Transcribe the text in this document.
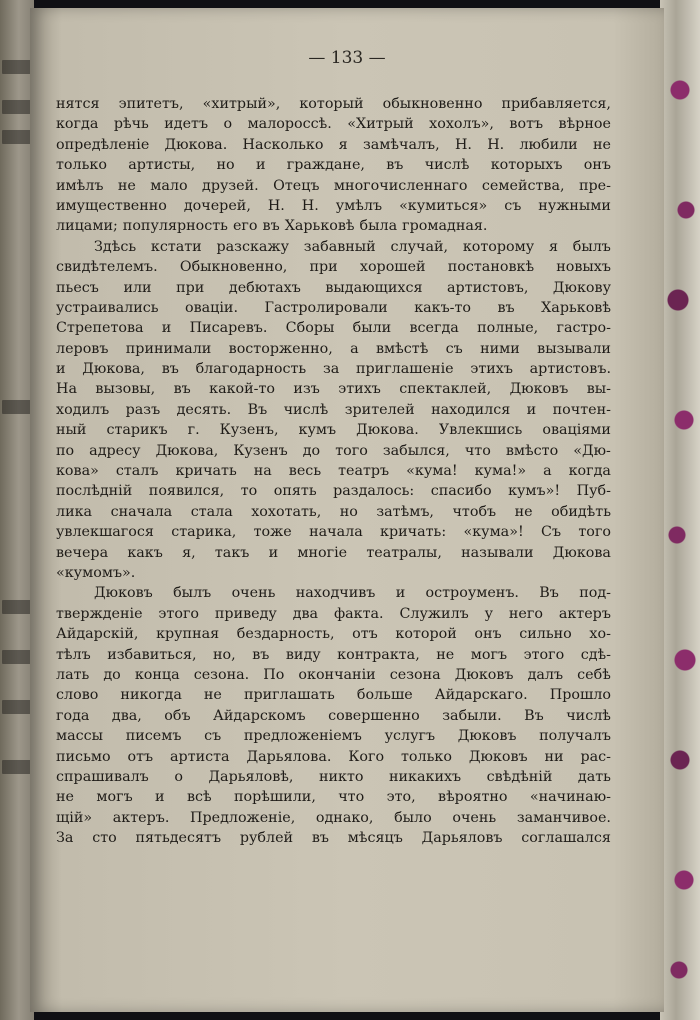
— 133 —
нятся эпитетъ, «хитрый», который обыкновенно прибавляется,
когда рѣчь идетъ о малороссѣ. «Хитрый хохолъ», вотъ вѣрное
опредѣленіе Дюкова. Насколько я замѣчалъ, Н. Н. любили не
только артисты, но и граждане, въ числѣ которыхъ онъ
имѣлъ не мало друзей. Отецъ многочисленнаго семейства, пре-
имущественно дочерей, Н. Н. умѣлъ «кумиться» съ нужными
лицами; популярность его въ Харьковѣ была громадная.
Здѣсь кстати разскажу забавный случай, которому я былъ
свидѣтелемъ. Обыкновенно, при хорошей постановкѣ новыхъ
пьесъ или при дебютахъ выдающихся артистовъ, Дюкову
устраивались оваціи. Гастролировали какъ-то въ Харьковѣ
Стрепетова и Писаревъ. Сборы были всегда полные, гастро-
леровъ принимали восторженно, а вмѣстѣ съ ними вызывали
и Дюкова, въ благодарность за приглашеніе этихъ артистовъ.
На вызовы, въ какой-то изъ этихъ спектаклей, Дюковъ вы-
ходилъ разъ десять. Въ числѣ зрителей находился и почтен-
ный старикъ г. Кузенъ, кумъ Дюкова. Увлекшись оваціями
по адресу Дюкова, Кузенъ до того забылся, что вмѣсто «Дю-
кова» сталъ кричать на весь театръ «кума! кума!» а когда
послѣдній появился, то опять раздалось: спасибо кумъ»! Пуб-
лика сначала стала хохотать, но затѣмъ, чтобъ не обидѣть
увлекшагося старика, тоже начала кричать: «кума»! Съ того
вечера какъ я, такъ и многіе театралы, называли Дюкова
«кумомъ».
Дюковъ былъ очень находчивъ и остроуменъ. Въ под-
твержденіе этого приведу два факта. Служилъ у него актеръ
Айдарскій, крупная бездарность, отъ которой онъ сильно хо-
тѣлъ избавиться, но, въ виду контракта, не могъ этого сдѣ-
лать до конца сезона. По окончаніи сезона Дюковъ далъ себѣ
слово никогда не приглашать больше Айдарскаго. Прошло
года два, объ Айдарскомъ совершенно забыли. Въ числѣ
массы писемъ съ предложеніемъ услугъ Дюковъ получалъ
письмо отъ артиста Дарьялова. Кого только Дюковъ ни рас-
спрашивалъ о Дарьяловѣ, никто никакихъ свѣдѣній дать
не могъ и всѣ порѣшили, что это, вѣроятно «начинаю-
щій» актеръ. Предложеніе, однако, было очень заманчивое.
За сто пятьдесятъ рублей въ мѣсяцъ Дарьяловъ соглашался
